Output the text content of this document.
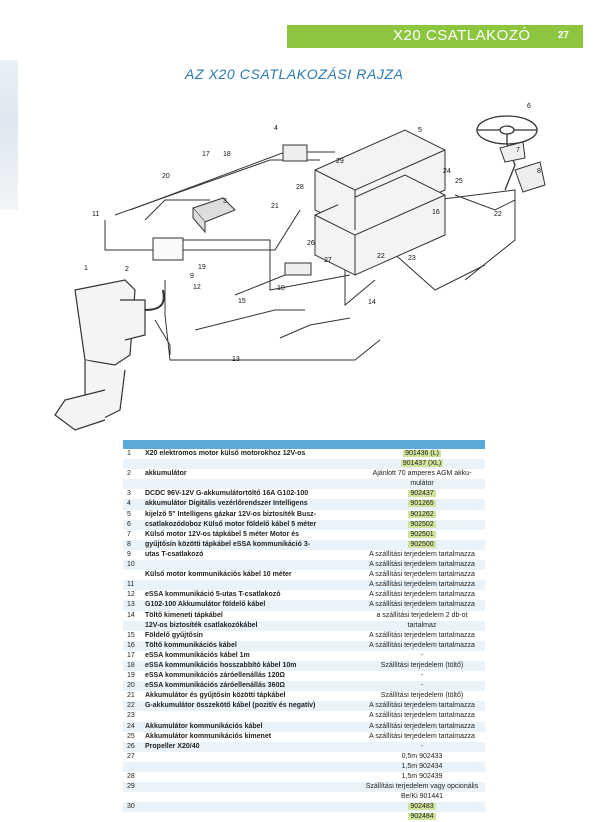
X20 CSATLAKOZÓ	27
AZ X20 CSATLAKOZÁSI RAJZA
1	2
3
4	5
6
7
8
9
10
11
12
13
14
15
16
17 18
19
20
21
22
22
23
24
25
26
27
28
29
1 X20 elektromos motor külső motorokhoz 12V-os	901436 (L)
901437 (XL)
2 akkumulátor	Ajánlott 70 amperes AGM akku-
mulátor
3 DCDC 96V-12V G-akkumulátortöltő 16A G102-100	902437
4 akkumulátor Digitális vezérlőrendszer Intelligens	901265
5 kijelző 5" Intelligens gázkar 12V-os biztosíték Busz-	901262
6 csatlakozódoboz Külső motor földelő kábel 5 méter	902502
7 Külső motor 12V-os tápkábel 5 méter Motor és	902501
8 gyűjtősín közötti tápkábel eSSA kommunikáció 3-	902500
9 utas T-csatlakozó	A szállítási terjedelem tartalmazza
10	A szállítási terjedelem tartalmazza
Külső motor kommunikációs kábel 10 méter	A szállítási terjedelem tartalmazza
11	A szállítási terjedelem tartalmazza
12 eSSA kommunikáció 5-utas T-csatlakozó	A szállítási terjedelem tartalmazza
13 G102-100 Akkumulátor földelő kábel	A szállítási terjedelem tartalmazza
14 Töltő kimeneti tápkábel	a szállítási terjedelem 2 db-ot
12V-os biztosíték csatlakozókábel	tartalmaz
15 Földelő gyűjtősín	A szállítási terjedelem tartalmazza
16 Töltő kommunikációs kábel	A szállítási terjedelem tartalmazza
17 eSSA kommunikációs kábel 1m	-
18 eSSA kommunikációs hosszabbító kábel 10m	Szállítási terjedelem (töltő)
19 eSSA kommunikációs záróellenállás 120Ω	-
20 eSSA kommunikációs záróellenállás 360Ω	-
21 Akkumulátor és gyűjtősín közötti tápkábel	Szállítási terjedelem (töltő)
22 G-akkumulátor összekötő kábel (pozitív és negatív)	A szállítási terjedelem tartalmazza
23	A szállítási terjedelem tartalmazza
24 Akkumulátor kommunikációs kábel	A szállítási terjedelem tartalmazza
25 Akkumulátor kommunikációs kimenet	A szállítási terjedelem tartalmazza
26 Propeller X20/40	-
27	0,5m 902433
1,5m 902434
28	1,5m 902439
29	Szállítási terjedelem vagy opcionális
Be/Ki 901441
30	902483
902484
